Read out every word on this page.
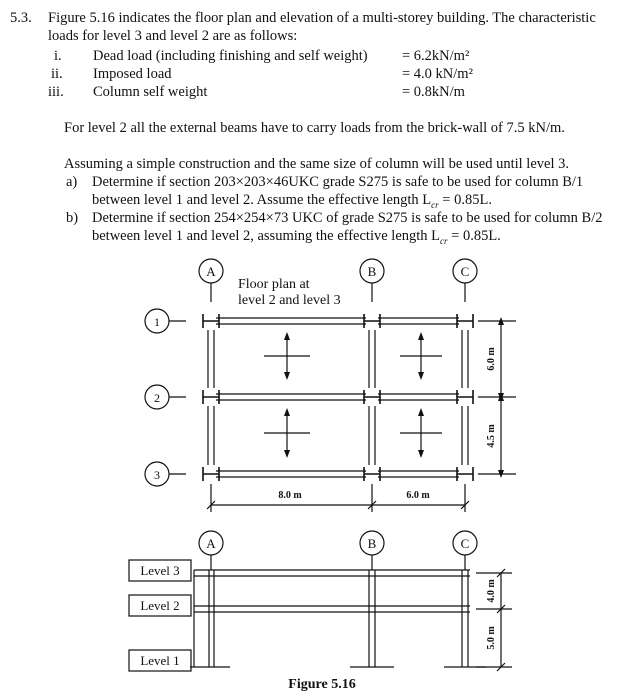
5.3. Figure 5.16 indicates the floor plan and elevation of a multi-storey building. The characteristic
loads for level 3 and level 2 are as follows:
i. Dead load (including finishing and self weight) = 6.2kN/m²
ii. Imposed load	= 4.0 kN/m²
iii. Column self weight	= 0.8kN/m
For level 2 all the external beams have to carry loads from the brick-wall of 7.5 kN/m.
Assuming a simple construction and the same size of column will be used until level 3.
a) Determine if section 203×203×46UKC grade S275 is safe to be used for column B/1
between level 1 and level 2. Assume the effective length $L_{cr} = 0.85L$.
b) Determine if section 254×254×73 UKC of grade S275 is safe to be used for column B/2
between level 1 and level 2, assuming the effective length $L_{cr} = 0.85L$.
A	B	C
1
2
3
Floor plan at
level 2 and level 3
8.0 m	6.0 m
6.0 m
4.5 m
A	B	C
Level 3
Level 2
Level 1
4.0 m
5.0 m
Figure 5.16
